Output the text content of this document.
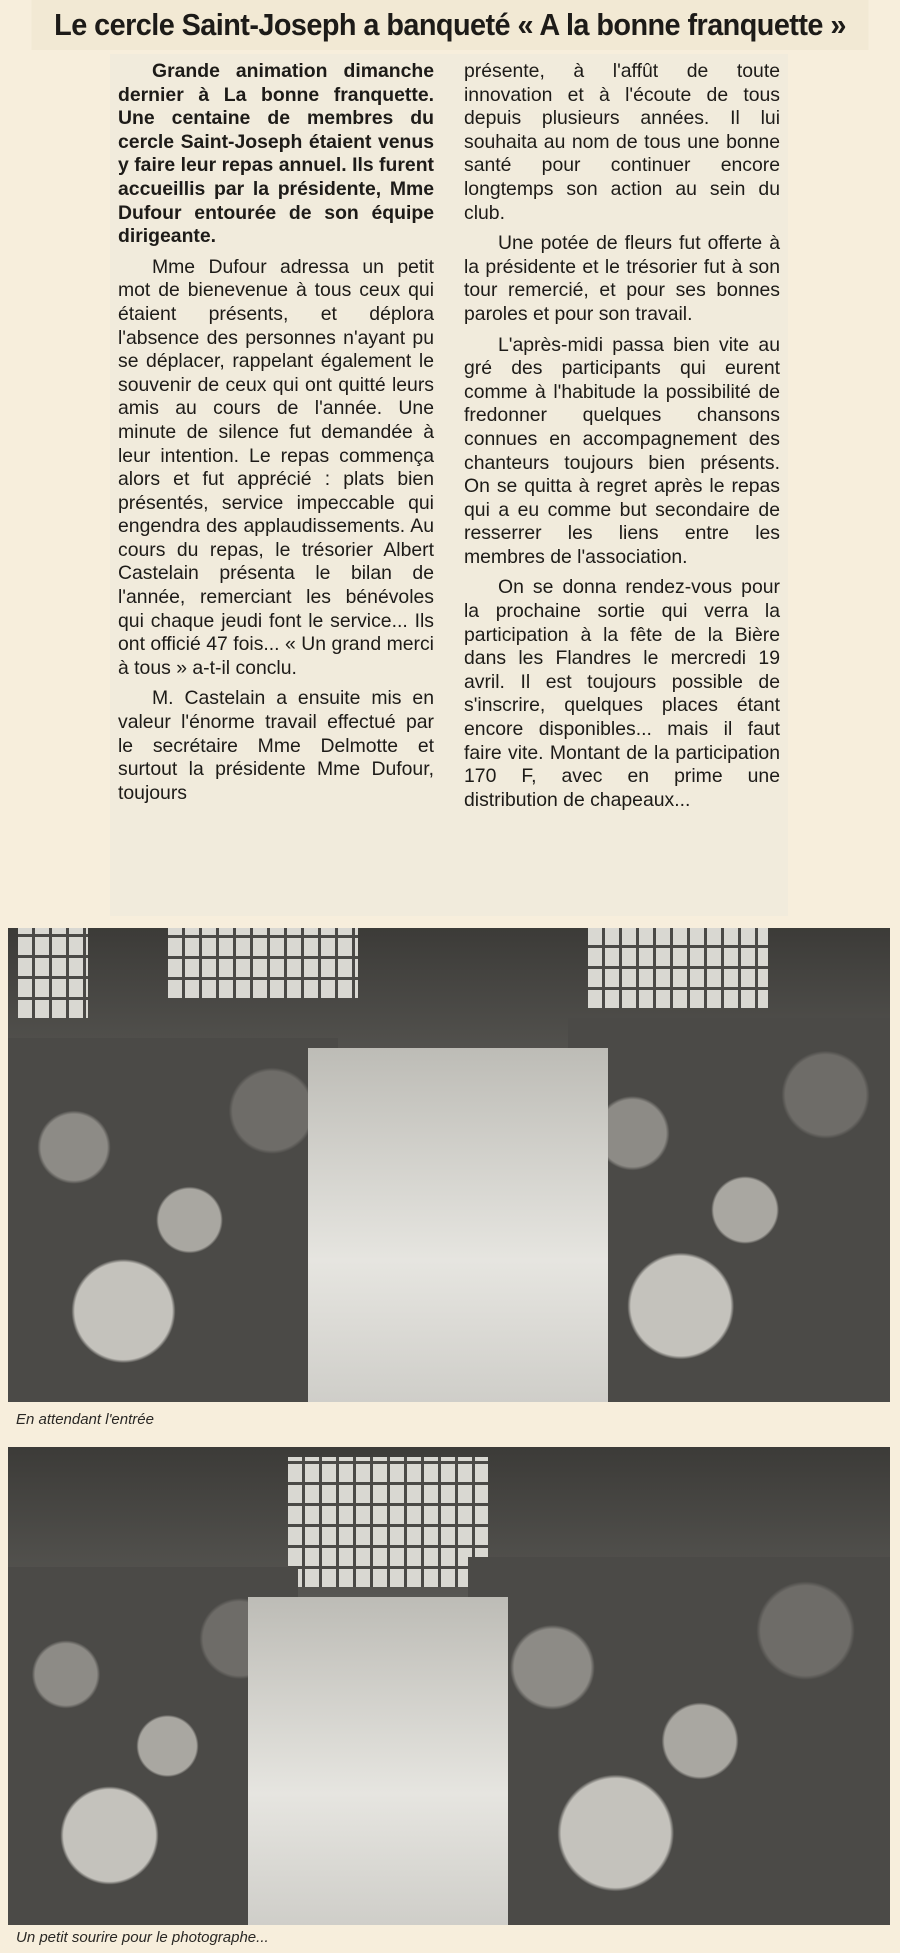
Le cercle Saint-Joseph a banqueté « A la bonne franquette »

Grande animation dimanche dernier à La bonne franquette. Une centaine de membres du cercle Saint-Joseph étaient venus y faire leur repas annuel. Ils furent accueillis par la présidente, Mme Dufour entourée de son équipe dirigeante.

Mme Dufour adressa un petit mot de bienevenue à tous ceux qui étaient présents, et déplora l'absence des personnes n'ayant pu se déplacer, rappelant également le souvenir de ceux qui ont quitté leurs amis au cours de l'année. Une minute de silence fut demandée à leur intention. Le repas commença alors et fut apprécié : plats bien présentés, service impeccable qui engendra des applaudissements. Au cours du repas, le trésorier Albert Castelain présenta le bilan de l'année, remerciant les bénévoles qui chaque jeudi font le service... Ils ont officié 47 fois... « Un grand merci à tous » a-t-il conclu.

M. Castelain a ensuite mis en valeur l'énorme travail effectué par le secrétaire Mme Delmotte et surtout la présidente Mme Dufour, toujours

présente, à l'affût de toute innovation et à l'écoute de tous depuis plusieurs années. Il lui souhaita au nom de tous une bonne santé pour continuer encore longtemps son action au sein du club.

Une potée de fleurs fut offerte à la présidente et le trésorier fut à son tour remercié, et pour ses bonnes paroles et pour son travail.

L'après-midi passa bien vite au gré des participants qui eurent comme à l'habitude la possibilité de fredonner quelques chansons connues en accompagnement des chanteurs toujours bien présents. On se quitta à regret après le repas qui a eu comme but secondaire de resserrer les liens entre les membres de l'association.

On se donna rendez-vous pour la prochaine sortie qui verra la participation à la fête de la Bière dans les Flandres le mercredi 19 avril. Il est toujours possible de s'inscrire, quelques places étant encore disponibles... mais il faut faire vite. Montant de la participation 170 F, avec en prime une distribution de chapeaux...

En attendant l'entrée
Un petit sourire pour le photographe...
